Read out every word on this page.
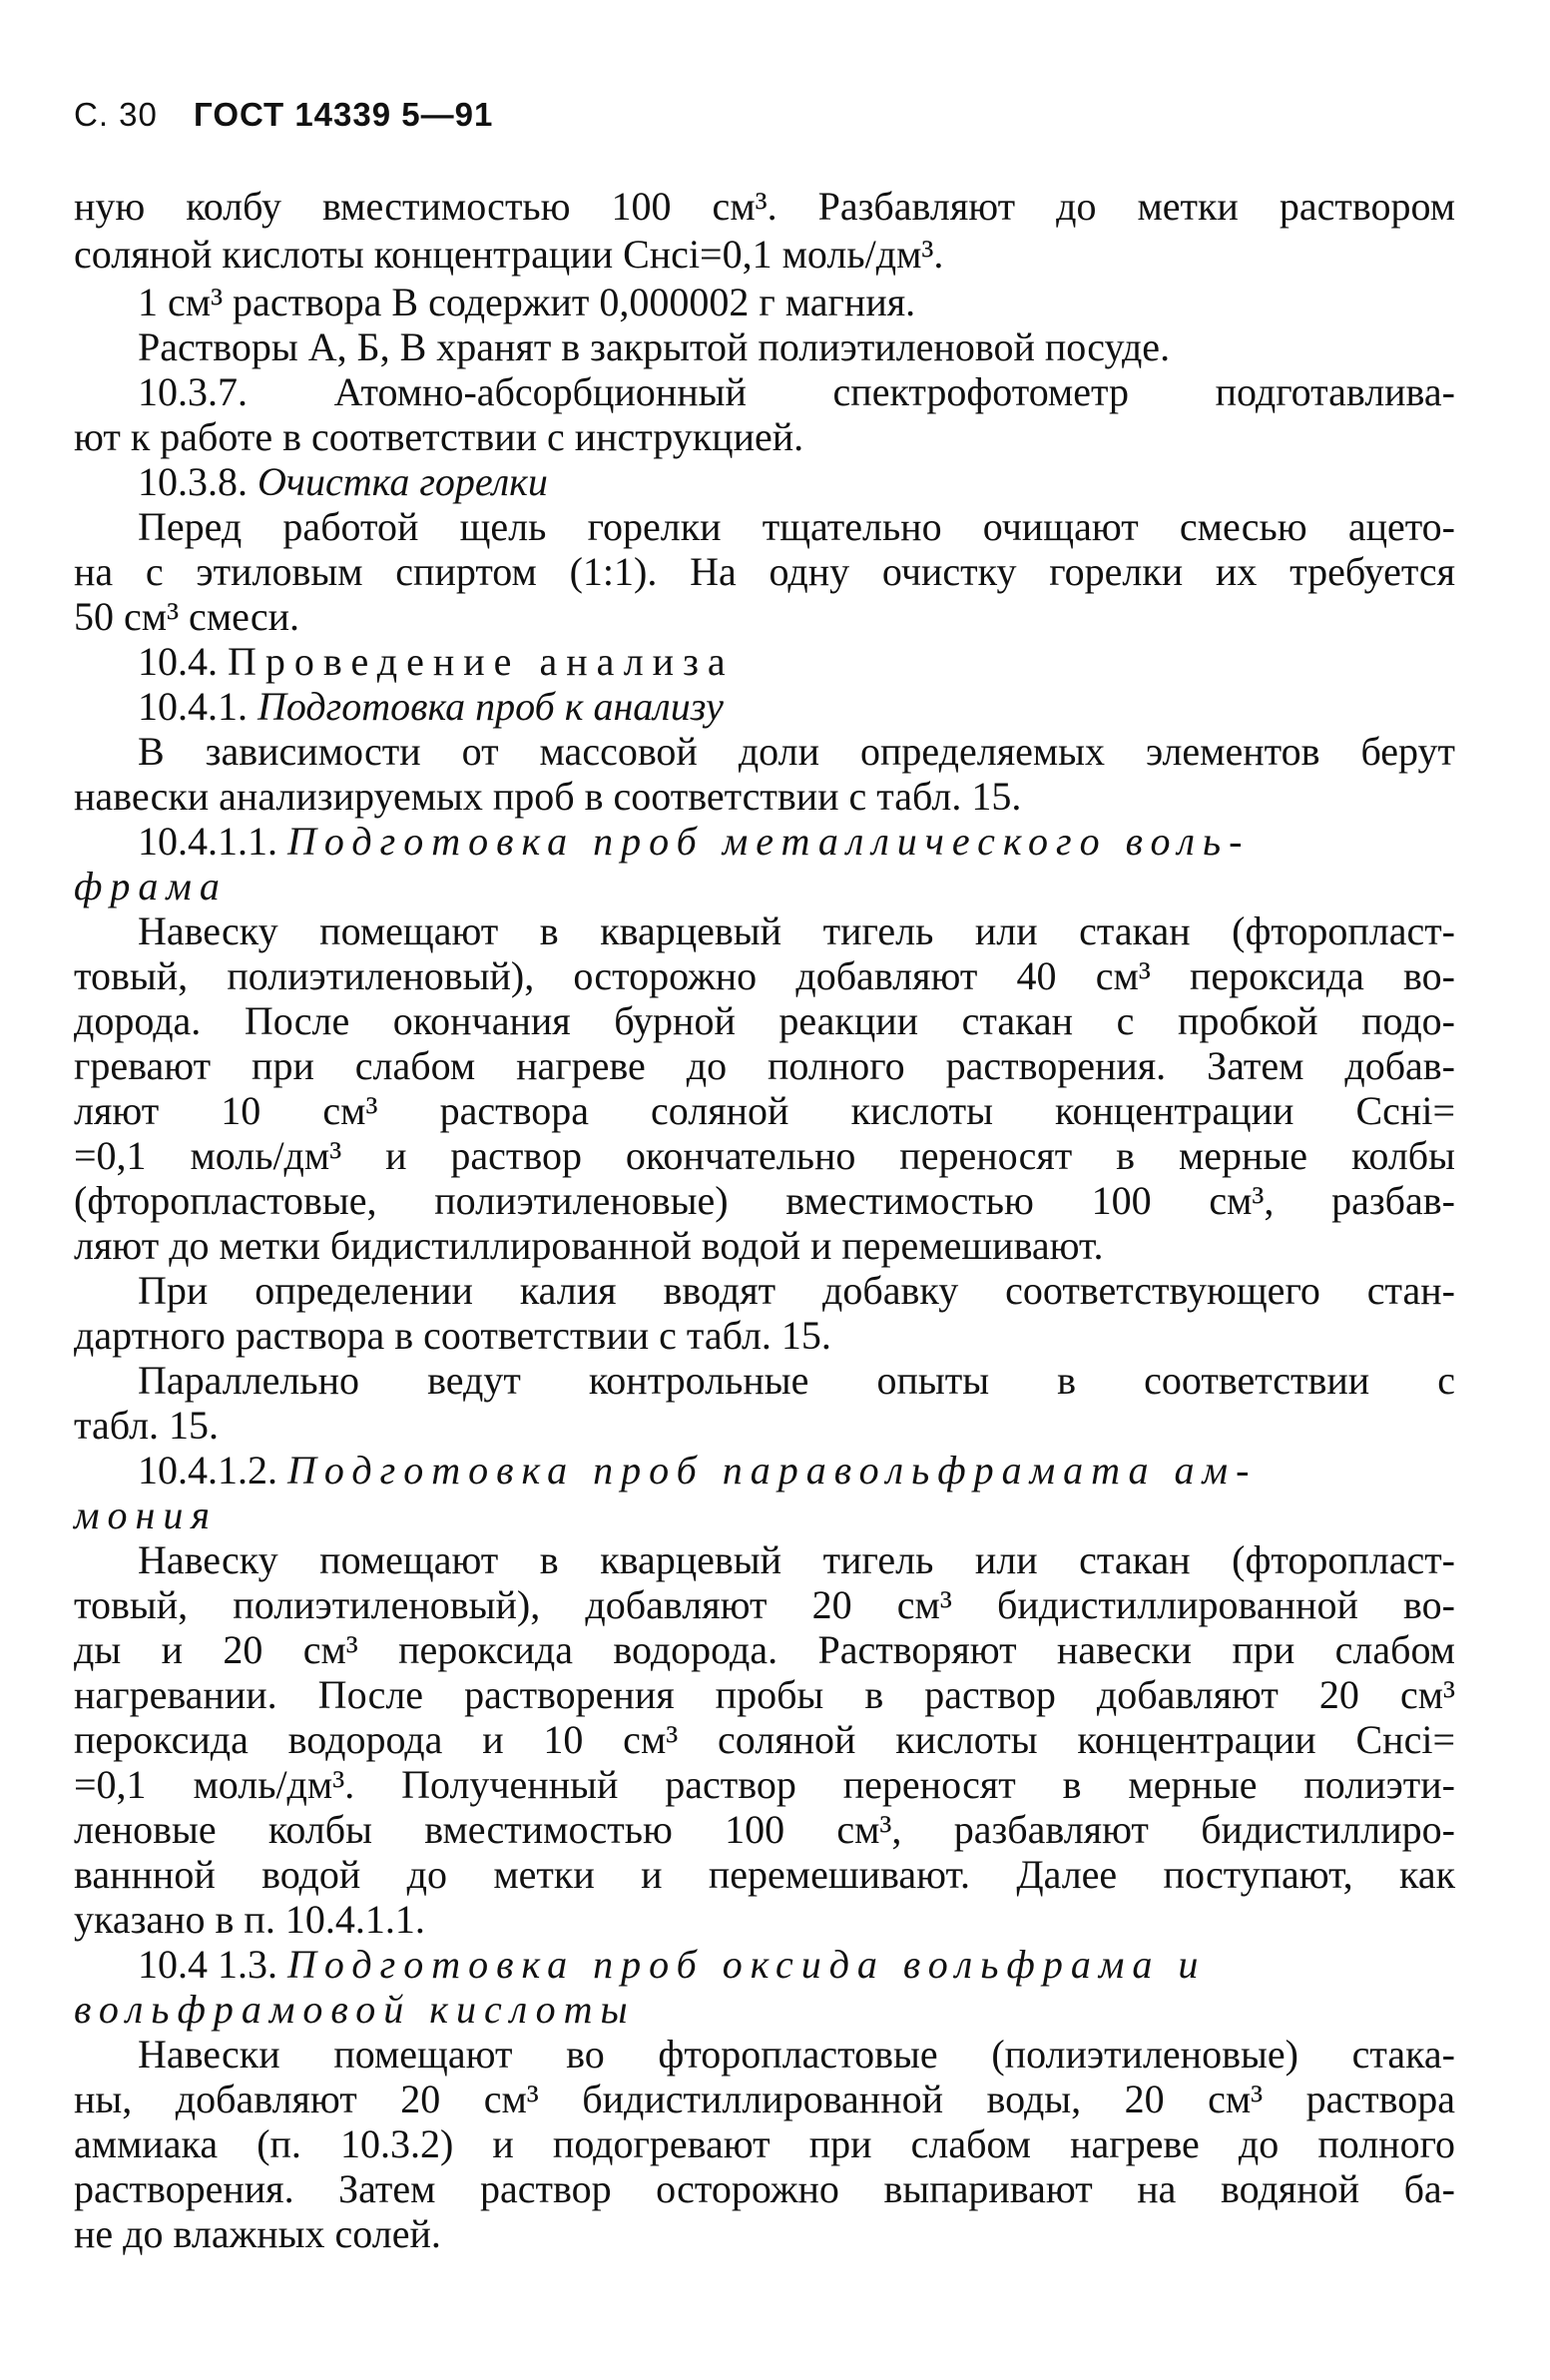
С. 30 ГОСТ 14339 5—91
ную колбу вместимостью 100 см³. Разбавляют до метки раствором
соляной кислоты концентрации Cнсi=0,1 моль/дм³.
1 см³ раствора В содержит 0,000002 г магния.
Растворы А, Б, В хранят в закрытой полиэтиленовой посуде.
10.3.7. Атомно-абсорбционный спектрофотометр подготавлива-
ют к работе в соответствии с инструкцией.
10.3.8. Очистка горелки
Перед работой щель горелки тщательно очищают смесью ацето-
на с этиловым спиртом (1:1). На одну очистку горелки их требуется
50 см³ смеси.
10.4. Проведение анализа
10.4.1. Подготовка проб к анализу
В зависимости от массовой доли определяемых элементов берут
навески анализируемых проб в соответствии с табл. 15.
10.4.1.1. Подготовка проб металлического воль-
фрама
Навеску помещают в кварцевый тигель или стакан (фторопласт-
товый, полиэтиленовый), осторожно добавляют 40 см³ пероксида во-
дорода. После окончания бурной реакции стакан с пробкой подо-
гревают при слабом нагреве до полного растворения. Затем добав-
ляют 10 см³ раствора соляной кислоты концентрации Cснi=
=0,1 моль/дм³ и раствор окончательно переносят в мерные колбы
(фторопластовые, полиэтиленовые) вместимостью 100 см³, разбав-
ляют до метки бидистиллированной водой и перемешивают.
При определении калия вводят добавку соответствующего стан-
дартного раствора в соответствии с табл. 15.
Параллельно ведут контрольные опыты в соответствии с
табл. 15.
10.4.1.2. Подготовка проб паравольфрамата ам-
мония
Навеску помещают в кварцевый тигель или стакан (фторопласт-
товый, полиэтиленовый), добавляют 20 см³ бидистиллированной во-
ды и 20 см³ пероксида водорода. Растворяют навески при слабом
нагревании. После растворения пробы в раствор добавляют 20 см³
пероксида водорода и 10 см³ соляной кислоты концентрации Cнсi=
=0,1 моль/дм³. Полученный раствор переносят в мерные полиэти-
леновые колбы вместимостью 100 см³, разбавляют бидистиллиро-
ваннной водой до метки и перемешивают. Далее поступают, как
указано в п. 10.4.1.1.
10.4 1.3. Подготовка проб оксида вольфрама и
вольфрамовой кислоты
Навески помещают во фторопластовые (полиэтиленовые) стака-
ны, добавляют 20 см³ бидистиллированной воды, 20 см³ раствора
аммиака (п. 10.3.2) и подогревают при слабом нагреве до полного
растворения. Затем раствор осторожно выпаривают на водяной ба-
не до влажных солей.
